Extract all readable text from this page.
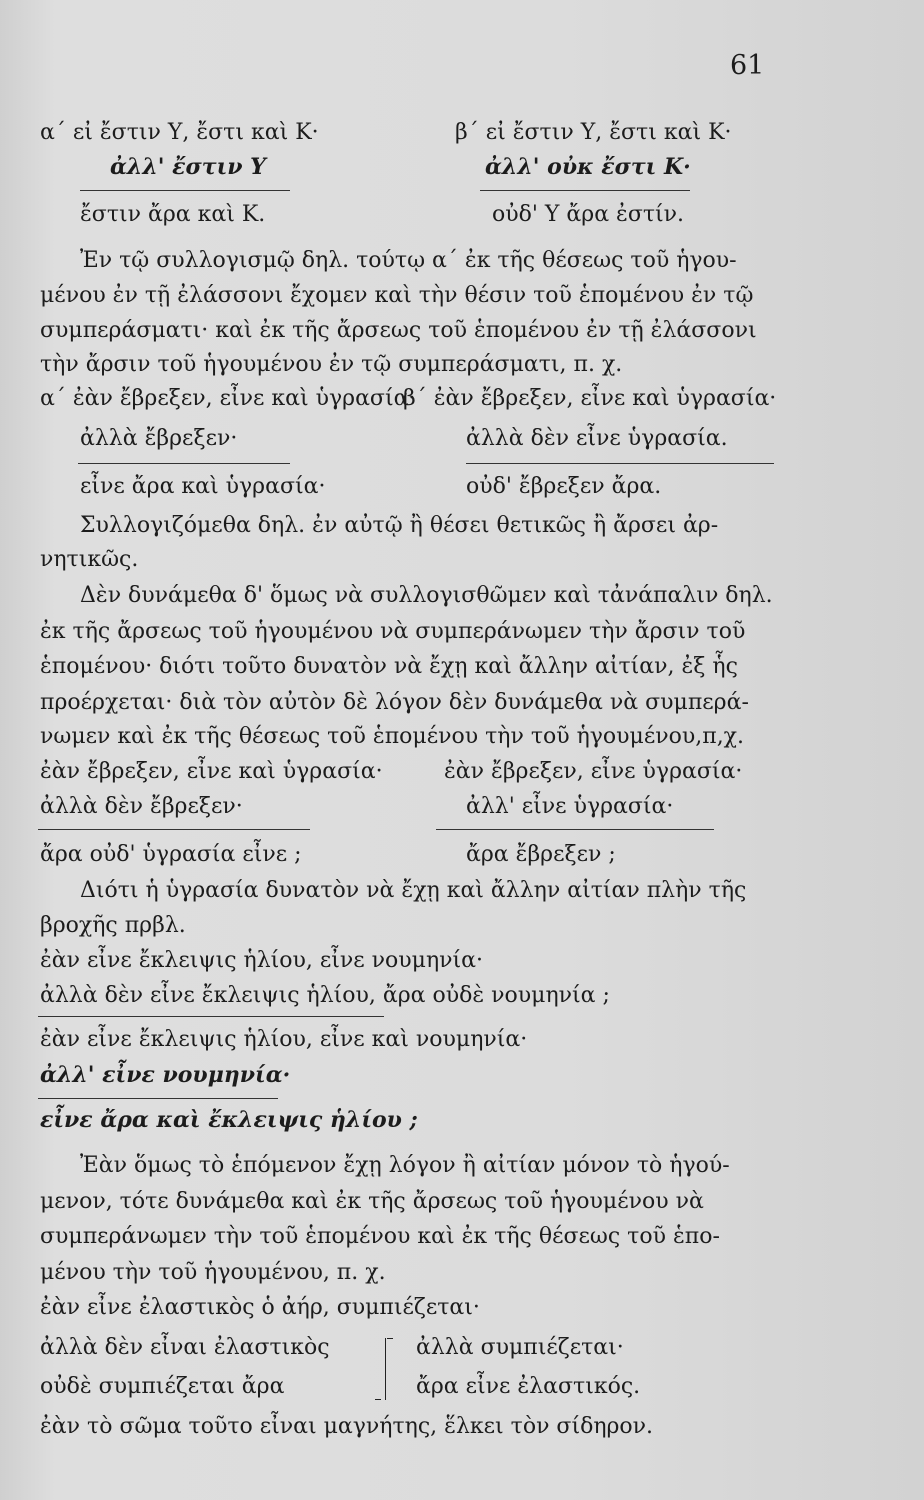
61
α΄ εἰ ἔστιν Υ, ἔστι καὶ Κ·
ἀλλ' ἔστιν Υ
ἔστιν ἄρα καὶ Κ.
β΄ εἰ ἔστιν Υ, ἔστι καὶ Κ·
ἀλλ' οὐκ ἔστι Κ·
οὐδ' Υ ἄρα ἐστίν.
Ἐν τῷ συλλογισμῷ δηλ. τούτῳ α΄ ἐκ τῆς θέσεως τοῦ ἡγου-
μένου ἐν τῇ ἐλάσσονι ἔχομεν καὶ τὴν θέσιν τοῦ ἑπομένου ἐν τῷ
συμπεράσματι· καὶ ἐκ τῆς ἄρσεως τοῦ ἑπομένου ἐν τῇ ἐλάσσονι
τὴν ἄρσιν τοῦ ἡγουμένου ἐν τῷ συμπεράσματι, π. χ.
α΄ ἐὰν ἔβρεξεν, εἶνε καὶ ὑγρασία·
ἀλλὰ ἔβρεξεν·
εἶνε ἄρα καὶ ὑγρασία·
β΄ ἐὰν ἔβρεξεν, εἶνε καὶ ὑγρασία·
ἀλλὰ δὲν εἶνε ὑγρασία.
οὐδ' ἔβρεξεν ἄρα.
Συλλογιζόμεθα δηλ. ἐν αὐτῷ ἢ θέσει θετικῶς ἢ ἄρσει ἀρ-
νητικῶς.
Δὲν δυνάμεθα δ' ὅμως νὰ συλλογισθῶμεν καὶ τἀνάπαλιν δηλ.
ἐκ τῆς ἄρσεως τοῦ ἡγουμένου νὰ συμπεράνωμεν τὴν ἄρσιν τοῦ
ἑπομένου· διότι τοῦτο δυνατὸν νὰ ἔχῃ καὶ ἄλλην αἰτίαν, ἐξ ἧς
προέρχεται· διὰ τὸν αὐτὸν δὲ λόγον δὲν δυνάμεθα νὰ συμπερά-
νωμεν καὶ ἐκ τῆς θέσεως τοῦ ἑπομένου τὴν τοῦ ἡγουμένου,π,χ.
ἐὰν ἔβρεξεν, εἶνε καὶ ὑγρασία·
ἀλλὰ δὲν ἔβρεξεν·
ἄρα οὐδ' ὑγρασία εἶνε ;
ἐὰν ἔβρεξεν, εἶνε ὑγρασία·
ἀλλ' εἶνε ὑγρασία·
ἄρα ἔβρεξεν ;
Διότι ἡ ὑγρασία δυνατὸν νὰ ἔχῃ καὶ ἄλλην αἰτίαν πλὴν τῆς
βροχῆς πρβλ.
ἐὰν εἶνε ἔκλειψις ἡλίου, εἶνε νουμηνία·
ἀλλὰ δὲν εἶνε ἔκλειψις ἡλίου, ἄρα οὐδὲ νουμηνία ;
ἐὰν εἶνε ἔκλειψις ἡλίου, εἶνε καὶ νουμηνία·
ἀλλ' εἶνε νουμηνία·
εἶνε ἄρα καὶ ἔκλειψις ἡλίου ;
Ἐὰν ὅμως τὸ ἑπόμενον ἔχῃ λόγον ἢ αἰτίαν μόνον τὸ ἡγού-
μενον, τότε δυνάμεθα καὶ ἐκ τῆς ἄρσεως τοῦ ἡγουμένου νὰ
συμπεράνωμεν τὴν τοῦ ἑπομένου καὶ ἐκ τῆς θέσεως τοῦ ἑπο-
μένου τὴν τοῦ ἡγουμένου, π. χ.
ἐὰν εἶνε ἐλαστικὸς ὁ ἀήρ, συμπιέζεται·
ἀλλὰ δὲν εἶναι ἐλαστικὸς
οὐδὲ συμπιέζεται ἄρα
ἀλλὰ συμπιέζεται·
ἄρα εἶνε ἐλαστικός.
ἐὰν τὸ σῶμα τοῦτο εἶναι μαγνήτης, ἕλκει τὸν σίδηρον.
